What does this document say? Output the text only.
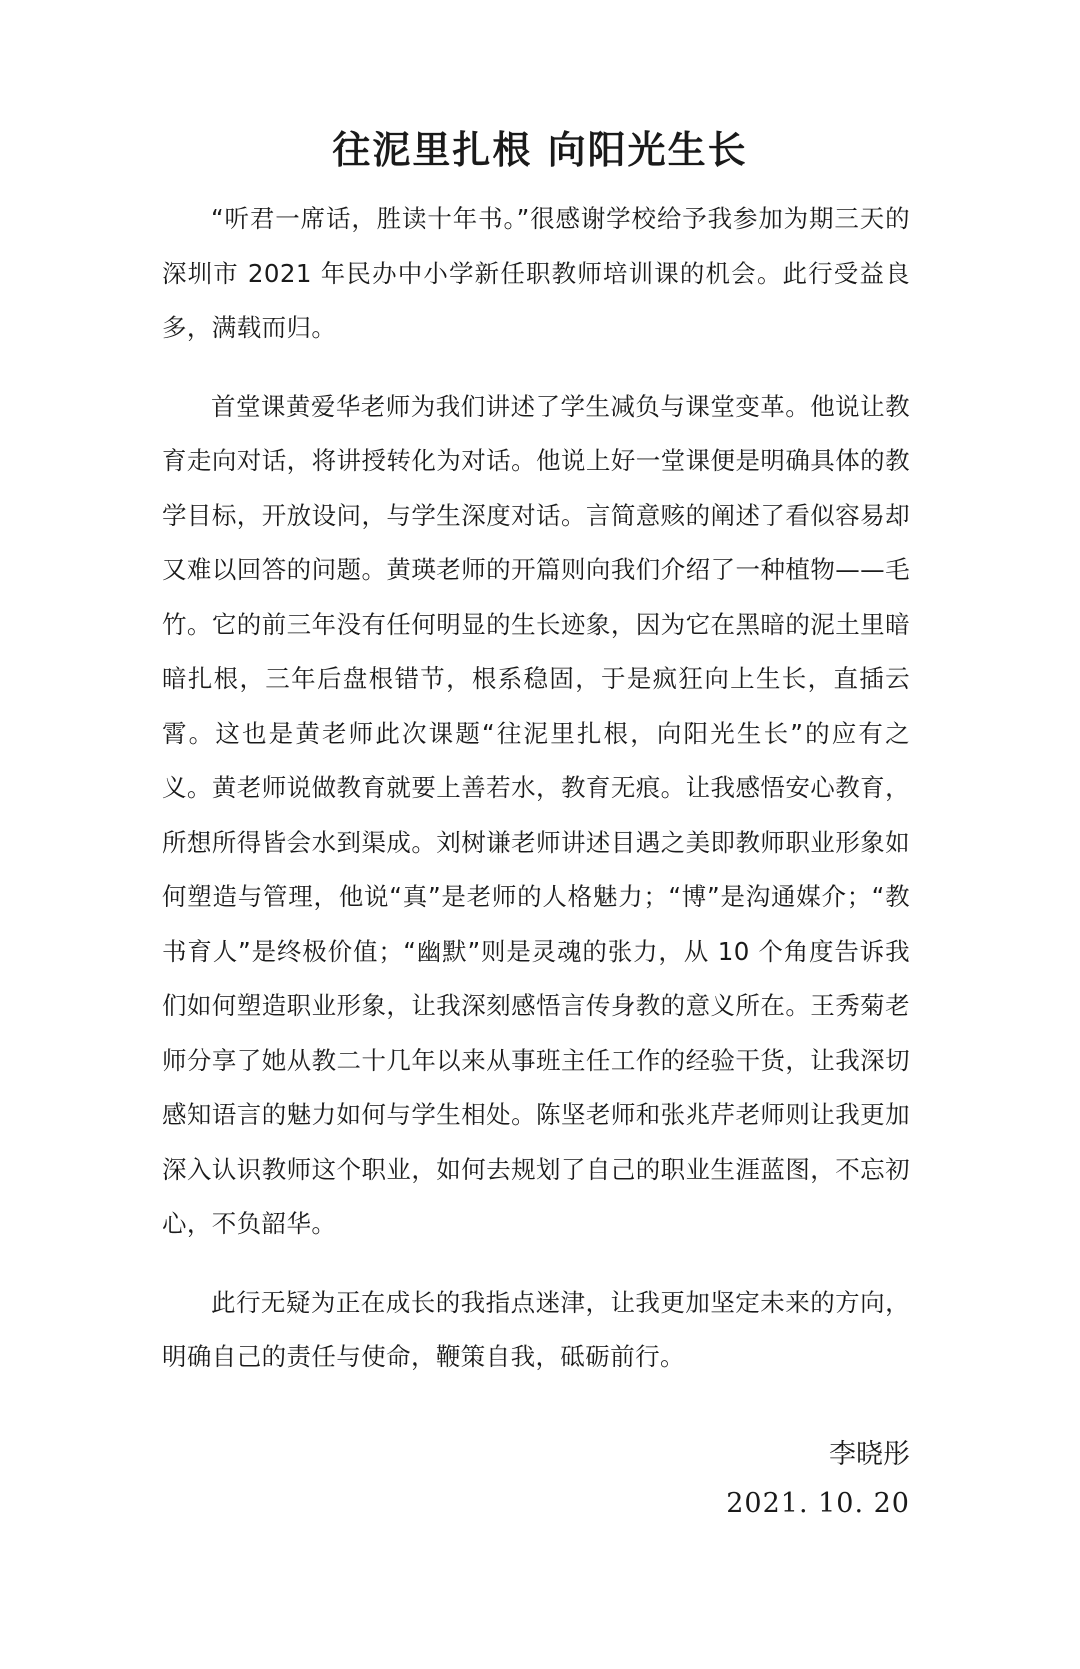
往泥里扎根 向阳光生长

“听君一席话，胜读十年书。”很感谢学校给予我参加为期三天的深圳市 2021 年民办中小学新任职教师培训课的机会。此行受益良多，满载而归。

首堂课黄爱华老师为我们讲述了学生减负与课堂变革。他说让教育走向对话，将讲授转化为对话。他说上好一堂课便是明确具体的教学目标，开放设问，与学生深度对话。言简意赅的阐述了看似容易却又难以回答的问题。黄瑛老师的开篇则向我们介绍了一种植物——毛竹。它的前三年没有任何明显的生长迹象，因为它在黑暗的泥土里暗暗扎根，三年后盘根错节，根系稳固，于是疯狂向上生长，直插云霄。这也是黄老师此次课题“往泥里扎根，向阳光生长”的应有之义。黄老师说做教育就要上善若水，教育无痕。让我感悟安心教育，所想所得皆会水到渠成。刘树谦老师讲述目遇之美即教师职业形象如何塑造与管理，他说“真”是老师的人格魅力；“博”是沟通媒介；“教书育人”是终极价值；“幽默”则是灵魂的张力，从 10 个角度告诉我们如何塑造职业形象，让我深刻感悟言传身教的意义所在。王秀菊老师分享了她从教二十几年以来从事班主任工作的经验干货，让我深切感知语言的魅力如何与学生相处。陈坚老师和张兆芹老师则让我更加深入认识教师这个职业，如何去规划了自己的职业生涯蓝图，不忘初心，不负韶华。

此行无疑为正在成长的我指点迷津，让我更加坚定未来的方向，明确自己的责任与使命，鞭策自我，砥砺前行。

李晓彤
2021. 10. 20
